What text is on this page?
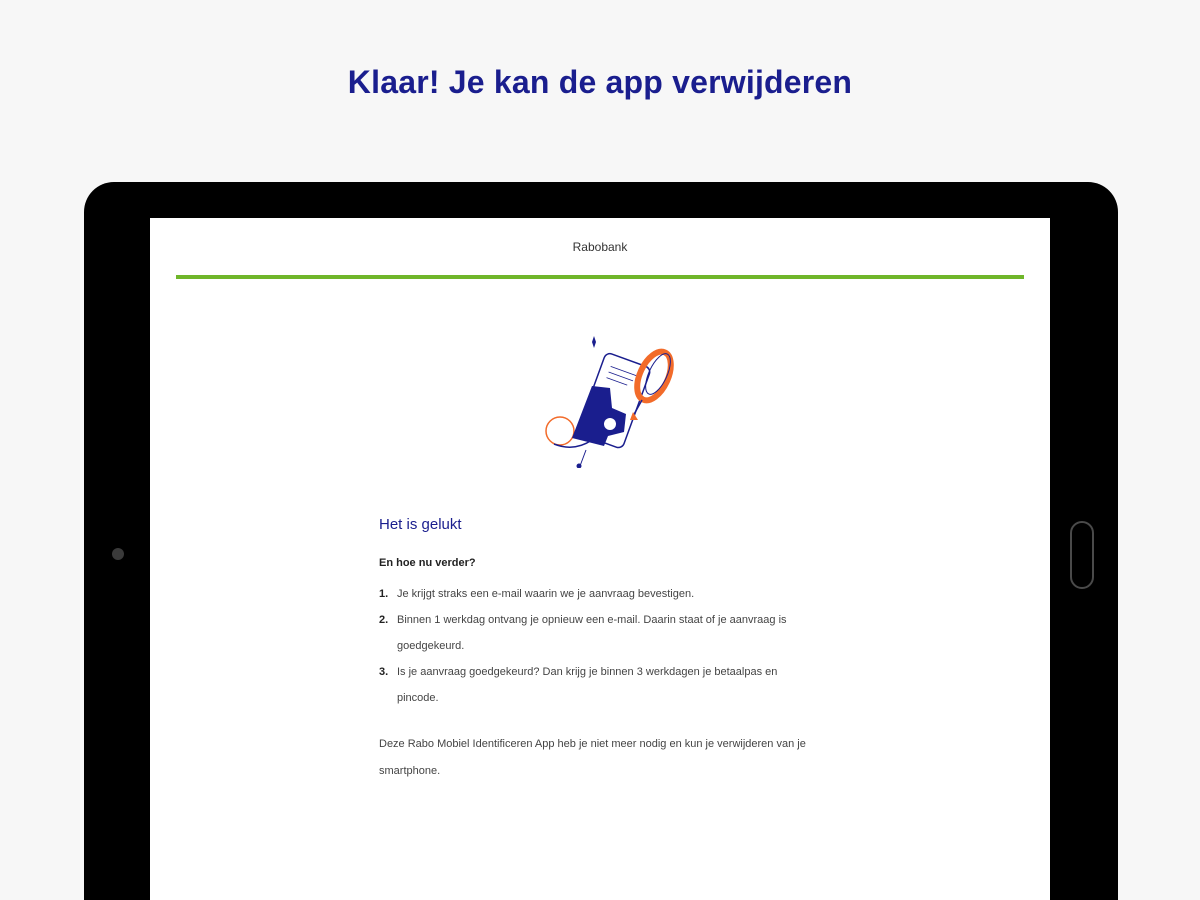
Klaar! Je kan de app verwijderen
Rabobank
Het is gelukt
En hoe nu verder?
1. Je krijgt straks een e-mail waarin we je aanvraag bevestigen.
2. Binnen 1 werkdag ontvang je opnieuw een e-mail. Daarin staat of je aanvraag is goedgekeurd.
3. Is je aanvraag goedgekeurd? Dan krijg je binnen 3 werkdagen je betaalpas en pincode.

Deze Rabo Mobiel Identificeren App heb je niet meer nodig en kun je verwijderen van je smartphone.
